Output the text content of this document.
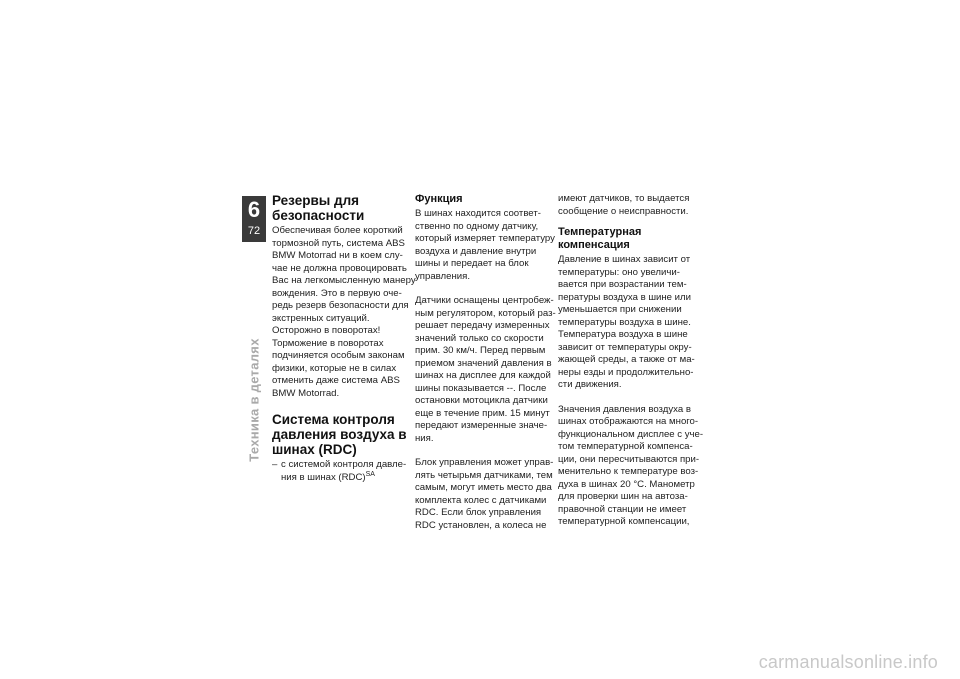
6
72
Техника в деталях
Резервы для
безопасности

Обеспечивая более короткий

тормозной путь, система ABS

BMW Motorrad ни в коем слу-

чае не должна провоцировать

Вас на легкомысленную манеру

вождения. Это в первую оче-

редь резерв безопасности для

экстренных ситуаций.

Осторожно в поворотах!

Торможение в поворотах

подчиняется особым законам

физики, которые не в силах

отменить даже система ABS

BMW Motorrad.

Система контроля
давления воздуха в
шинах (RDC)
– с системой контроля давле-

ния в шинах (RDC)$^{SA}$

Функция

В шинах находится соответ-

ственно по одному датчику,

который измеряет температуру

воздуха и давление внутри

шины и передает на блок

управления.

Датчики оснащены центробеж-

ным регулятором, который раз-

решает передачу измеренных

значений только со скорости

прим. 30 км/ч. Перед первым

приемом значений давления в

шинах на дисплее для каждой

шины показывается --. После

остановки мотоцикла датчики

еще в течение прим. 15 минут

передают измеренные значе-

ния.

Блок управления может управ-

лять четырьмя датчиками, тем

самым, могут иметь место два

комплекта колес с датчиками

RDC. Если блок управления

RDC установлен, а колеса не

имеют датчиков, то выдается

сообщение о неисправности.

Температурная
компенсация

Давление в шинах зависит от

температуры: оно увеличи-

вается при возрастании тем-

пературы воздуха в шине или

уменьшается при снижении

температуры воздуха в шине.

Температура воздуха в шине

зависит от температуры окру-

жающей среды, а также от ма-

неры езды и продолжительно-

сти движения.

Значения давления воздуха в

шинах отображаются на много-

функциональном дисплее с уче-

том температурной компенса-

ции, они пересчитываются при-

менительно к температуре воз-

духа в шинах 20 °C. Манометр

для проверки шин на автоза-

правочной станции не имеет

температурной компенсации,

carmanualsonline.info
